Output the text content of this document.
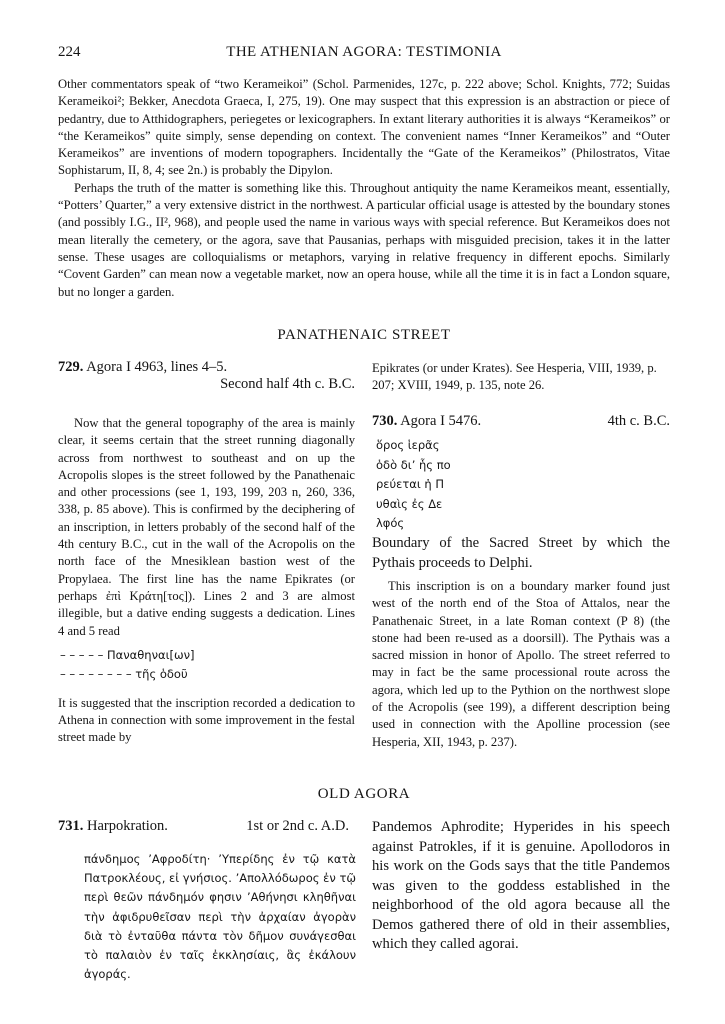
224	THE ATHENIAN AGORA: TESTIMONIA

Other commentators speak of “two Kerameikoi” (Schol. Parmenides, 127c, p. 222 above; Schol. Knights, 772; Suidas Kerameikoi²; Bekker, Anecdota Graeca, I, 275, 19). One may suspect that this expression is an abstraction or piece of pedantry, due to Atthidographers, periegetes or lexicographers. In extant literary authorities it is always “Kerameikos” or “the Kerameikos” quite simply, sense depending on context. The convenient names “Inner Kerameikos” and “Outer Kerameikos” are inventions of modern topographers. Incidentally the “Gate of the Kerameikos” (Philostratos, Vitae Sophistarum, II, 8, 4; see 2n.) is probably the Dipylon.

Perhaps the truth of the matter is something like this. Throughout antiquity the name Kerameikos meant, essentially, “Potters’ Quarter,” a very extensive district in the northwest. A particular official usage is attested by the boundary stones (and possibly I.G., II², 968), and people used the name in various ways with special reference. But Kerameikos does not mean literally the cemetery, or the agora, save that Pausanias, perhaps with misguided precision, takes it in the latter sense. These usages are colloquialisms or metaphors, varying in relative frequency in different epochs. Similarly “Covent Garden” can mean now a vegetable market, now an opera house, while all the time it is in fact a London square, but no longer a garden.

PANATHENAIC STREET
729. Agora I 4963, lines 4–5.
Second half 4th c. B.C.

Now that the general topography of the area is mainly clear, it seems certain that the street running diagonally across from northwest to southeast and on up the Acropolis slopes is the street followed by the Panathenaic and other processions (see 1, 193, 199, 203 n, 260, 336, 338, p. 85 above). This is confirmed by the deciphering of an inscription, in letters probably of the second half of the 4th century B.C., cut in the wall of the Acropolis on the north face of the Mnesiklean bastion west of the Propylaea. The first line has the name Epikrates (or perhaps ἐπὶ Κράτη[τος]). Lines 2 and 3 are almost illegible, but a dative ending suggests a dedication. Lines 4 and 5 read

– – – – – Παναθηναι[ων]
– – – – – – – – τῆς ὁδοῦ

It is suggested that the inscription recorded a dedication to Athena in connection with some improvement in the festal street made by

Epikrates (or under Krates). See Hesperia, VIII, 1939, p. 207; XVIII, 1949, p. 135, note 26.
730. Agora I 5476.	4th c. B.C.
ὅρος ἱερᾶς
ὁδὸ δι’ ἧς πο
ρεύεται ἡ Π
υθαὶς ἐς Δε
λφός
Boundary of the Sacred Street by which the Pythais proceeds to Delphi.

This inscription is on a boundary marker found just west of the north end of the Stoa of Attalos, near the Panathenaic Street, in a late Roman context (P 8) (the stone had been re-used as a doorsill). The Pythais was a sacred mission in honor of Apollo. The street referred to may in fact be the same processional route across the agora, which led up to the Pythion on the northwest slope of the Acropolis (see 199), a different description being used in connection with the Apolline procession (see Hesperia, XII, 1943, p. 237).

OLD AGORA
731. Harpokration.	1st or 2nd c. A.D.
πάνδημος ’Αφροδίτη· ’Υπερίδης ἐν τῷ κατὰ Πατροκλέους, εἰ γνήσιος. ’Απολλόδωρος ἐν τῷ περὶ θεῶν πάνδημόν φησιν ’Αθήνησι κληθῆναι τὴν ἀφιδρυθεῖσαν περὶ τὴν ἀρχαίαν ἀγορὰν διὰ τὸ ἐνταῦθα πάντα τὸν δῆμον συνάγεσθαι τὸ παλαιὸν ἐν ταῖς ἐκκλησίαις, ἃς ἐκάλουν ἀγοράς.
Pandemos Aphrodite; Hyperides in his speech against Patrokles, if it is genuine. Apollodoros in his work on the Gods says that the title Pandemos was given to the goddess established in the neighborhood of the old agora because all the Demos gathered there of old in their assemblies, which they called agorai.
